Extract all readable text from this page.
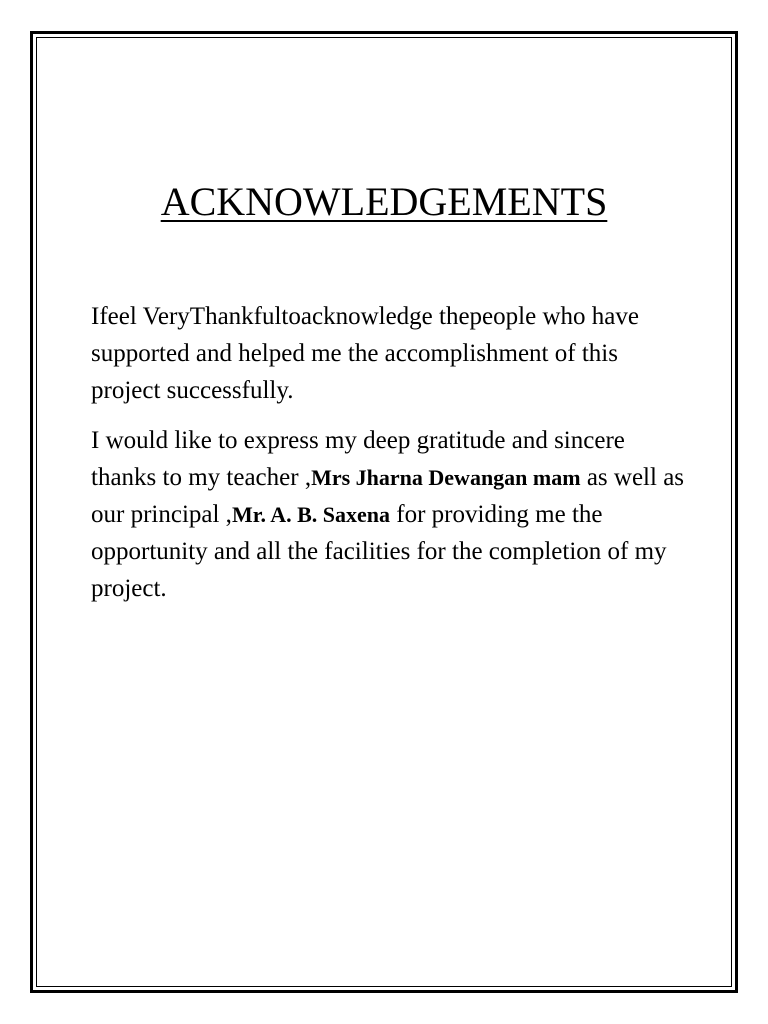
ACKNOWLEDGEMENTS

Ifeel VeryThankfultoacknowledge thepeople who have supported and helped me the accomplishment of this project successfully.

I would like to express my deep gratitude and sincere thanks to my teacher ,Mrs Jharna Dewangan mam as well as our principal ,Mr. A. B. Saxena for providing me the opportunity and all the facilities for the completion of my project.
